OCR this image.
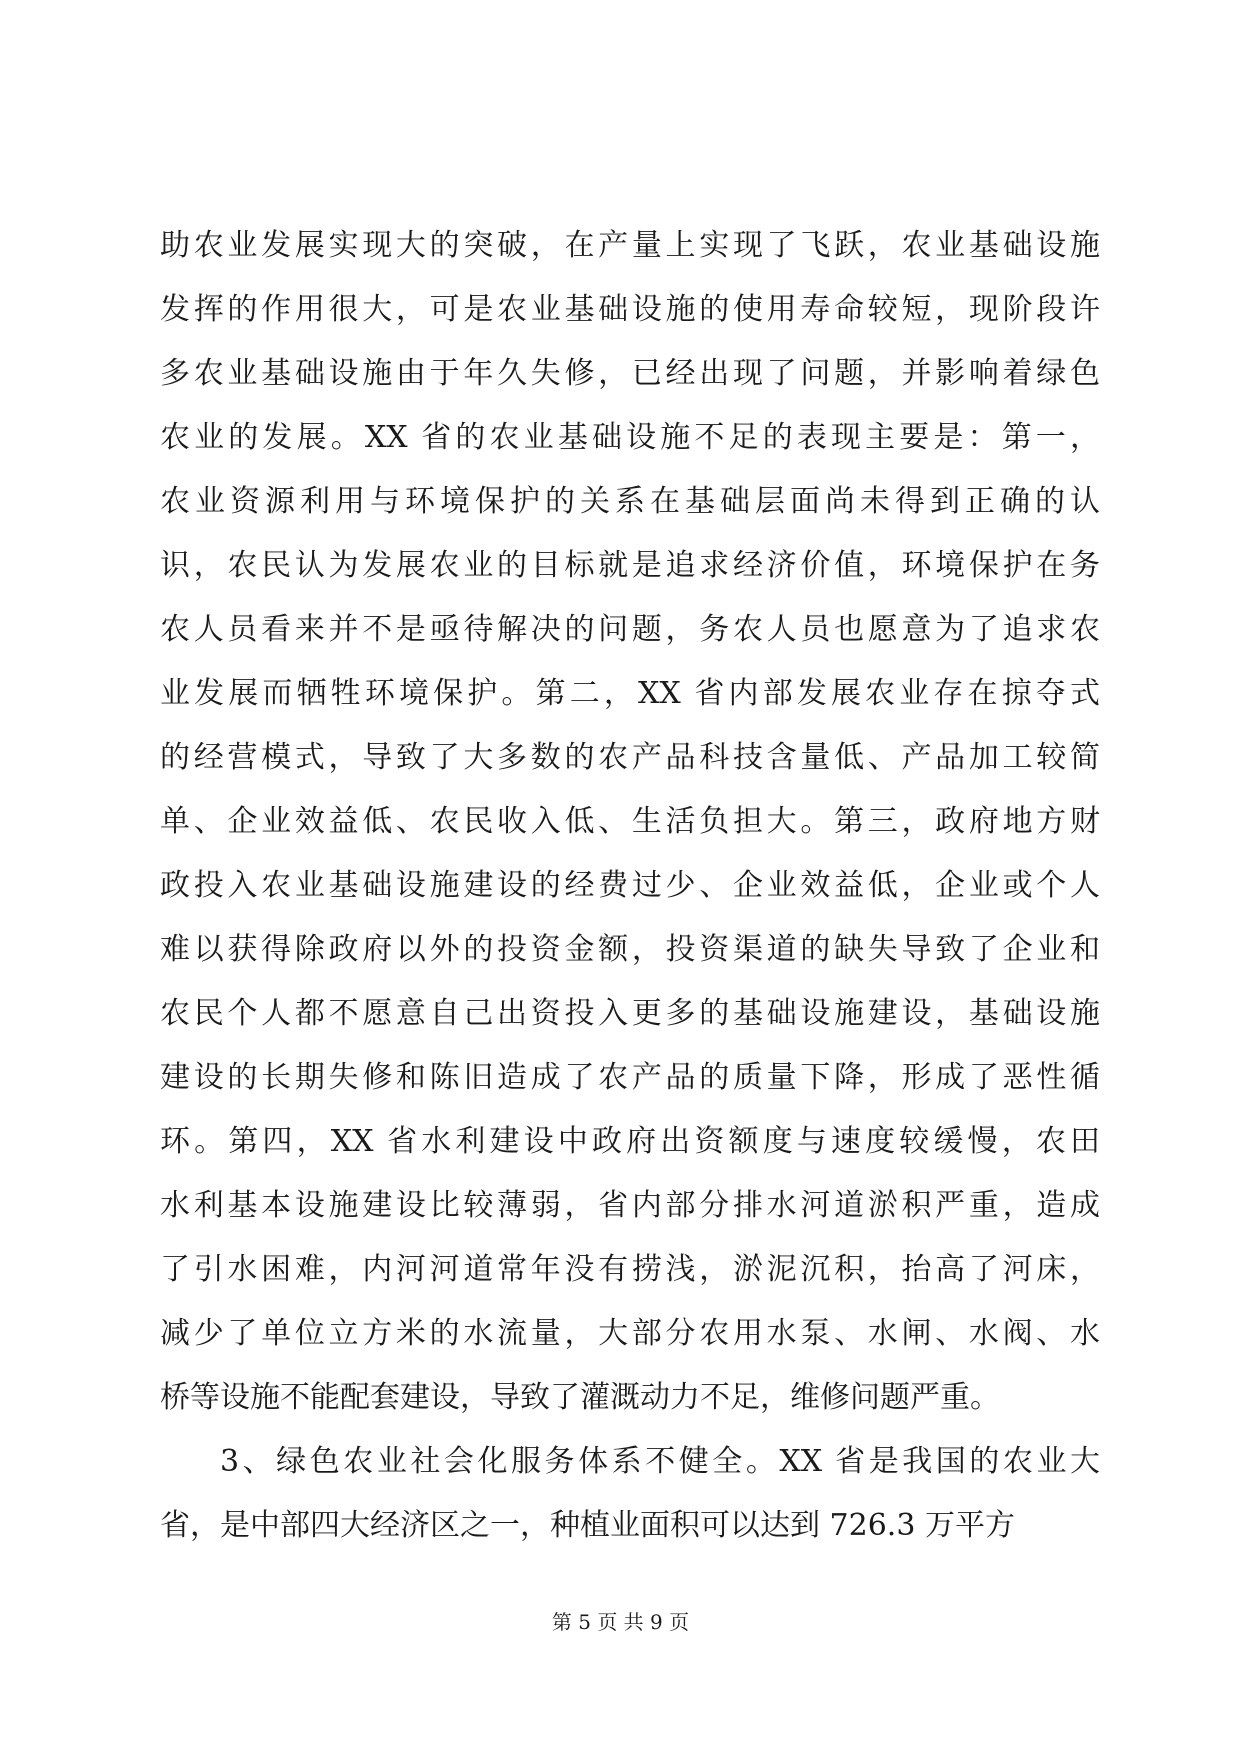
助农业发展实现大的突破，在产量上实现了飞跃，农业基础设施
发挥的作用很大，可是农业基础设施的使用寿命较短，现阶段许
多农业基础设施由于年久失修，已经出现了问题，并影响着绿色
农业的发展。XX 省的农业基础设施不足的表现主要是：第一，
农业资源利用与环境保护的关系在基础层面尚未得到正确的认
识，农民认为发展农业的目标就是追求经济价值，环境保护在务
农人员看来并不是亟待解决的问题，务农人员也愿意为了追求农
业发展而牺牲环境保护。第二，XX 省内部发展农业存在掠夺式
的经营模式，导致了大多数的农产品科技含量低、产品加工较简
单、企业效益低、农民收入低、生活负担大。第三，政府地方财
政投入农业基础设施建设的经费过少、企业效益低，企业或个人
难以获得除政府以外的投资金额，投资渠道的缺失导致了企业和
农民个人都不愿意自己出资投入更多的基础设施建设，基础设施
建设的长期失修和陈旧造成了农产品的质量下降，形成了恶性循
环。第四，XX 省水利建设中政府出资额度与速度较缓慢，农田
水利基本设施建设比较薄弱，省内部分排水河道淤积严重，造成
了引水困难，内河河道常年没有捞浅，淤泥沉积，抬高了河床，
减少了单位立方米的水流量，大部分农用水泵、水闸、水阀、水
桥等设施不能配套建设，导致了灌溉动力不足，维修问题严重。
3、绿色农业社会化服务体系不健全。XX 省是我国的农业大
省，是中部四大经济区之一，种植业面积可以达到 726.3 万平方
第 5 页 共 9 页
